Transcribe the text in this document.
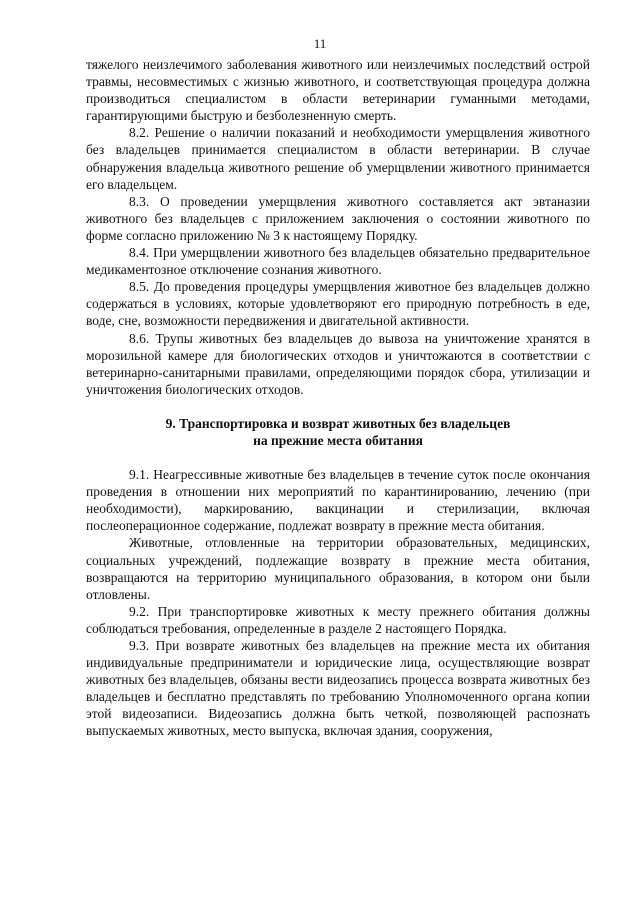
11

тяжелого неизлечимого заболевания животного или неизлечимых последствий острой травмы, несовместимых с жизнью животного, и соответствующая процедура должна производиться специалистом в области ветеринарии гуманными методами, гарантирующими быструю и безболезненную смерть.

8.2. Решение о наличии показаний и необходимости умерщвления животного без владельцев принимается специалистом в области ветеринарии. В случае обнаружения владельца животного решение об умерщвлении животного принимается его владельцем.

8.3. О проведении умерщвления животного составляется акт эвтаназии животного без владельцев с приложением заключения о состоянии животного по форме согласно приложению № 3 к настоящему Порядку.

8.4. При умерщвлении животного без владельцев обязательно предварительное медикаментозное отключение сознания животного.

8.5. До проведения процедуры умерщвления животное без владельцев должно содержаться в условиях, которые удовлетворяют его природную потребность в еде, воде, сне, возможности передвижения и двигательной активности.

8.6. Трупы животных без владельцев до вывоза на уничтожение хранятся в морозильной камере для биологических отходов и уничтожаются в соответствии с ветеринарно-санитарными правилами, определяющими порядок сбора, утилизации и уничтожения биологических отходов.

9. Транспортировка и возврат животных без владельцев
на прежние места обитания

9.1. Неагрессивные животные без владельцев в течение суток после окончания проведения в отношении них мероприятий по карантинированию, лечению (при необходимости), маркированию, вакцинации и стерилизации, включая послеоперационное содержание, подлежат возврату в прежние места обитания.

Животные, отловленные на территории образовательных, медицинских, социальных учреждений, подлежащие возврату в прежние места обитания, возвращаются на территорию муниципального образования, в котором они были отловлены.

9.2. При транспортировке животных к месту прежнего обитания должны соблюдаться требования, определенные в разделе 2 настоящего Порядка.

9.3. При возврате животных без владельцев на прежние места их обитания индивидуальные предприниматели и юридические лица, осуществляющие возврат животных без владельцев, обязаны вести видеозапись процесса возврата животных без владельцев и бесплатно представлять по требованию Уполномоченного органа копии этой видеозаписи. Видеозапись должна быть четкой, позволяющей распознать выпускаемых животных, место выпуска, включая здания, сооружения,
